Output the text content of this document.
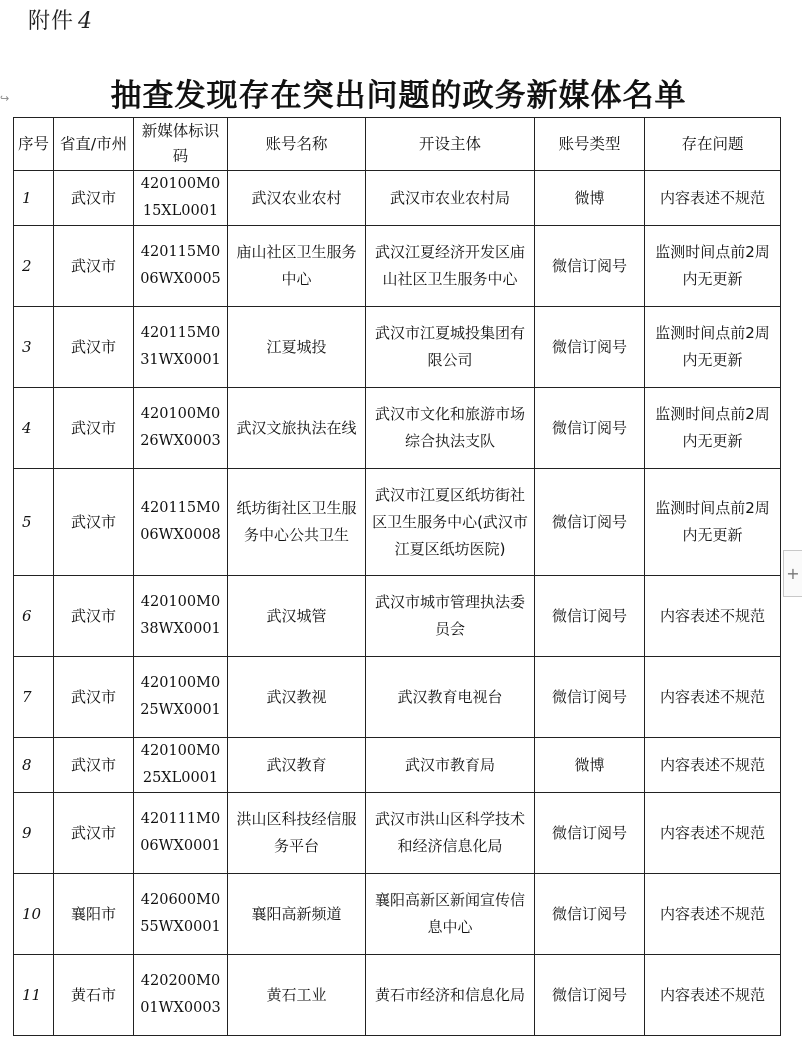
附件 4
↪	抽查发现存在突出问题的政务新媒体名单
序号	省直/市州	新媒体标识码	账号名称	开设主体	账号类型	存在问题
1	武汉市	420100M015XL0001	武汉农业农村	武汉市农业农村局	微博	内容表述不规范
2	武汉市	420115M006WX0005	庙山社区卫生服务中心	武汉江夏经济开发区庙山社区卫生服务中心	微信订阅号	监测时间点前2周内无更新
3	武汉市	420115M031WX0001	江夏城投	武汉市江夏城投集团有限公司	微信订阅号	监测时间点前2周内无更新
4	武汉市	420100M026WX0003	武汉文旅执法在线	武汉市文化和旅游市场综合执法支队	微信订阅号	监测时间点前2周内无更新
5	武汉市	420115M006WX0008	纸坊街社区卫生服务中心公共卫生	武汉市江夏区纸坊街社区卫生服务中心(武汉市江夏区纸坊医院)	微信订阅号	监测时间点前2周内无更新
6	武汉市	420100M038WX0001	武汉城管	武汉市城市管理执法委员会	微信订阅号	内容表述不规范
7	武汉市	420100M025WX0001	武汉教视	武汉教育电视台	微信订阅号	内容表述不规范
8	武汉市	420100M025XL0001	武汉教育	武汉市教育局	微博	内容表述不规范
9	武汉市	420111M006WX0001	洪山区科技经信服务平台	武汉市洪山区科学技术和经济信息化局	微信订阅号	内容表述不规范
10	襄阳市	420600M055WX0001	襄阳高新频道	襄阳高新区新闻宣传信息中心	微信订阅号	内容表述不规范
11	黄石市	420200M001WX0003	黄石工业	黄石市经济和信息化局	微信订阅号	内容表述不规范
+
